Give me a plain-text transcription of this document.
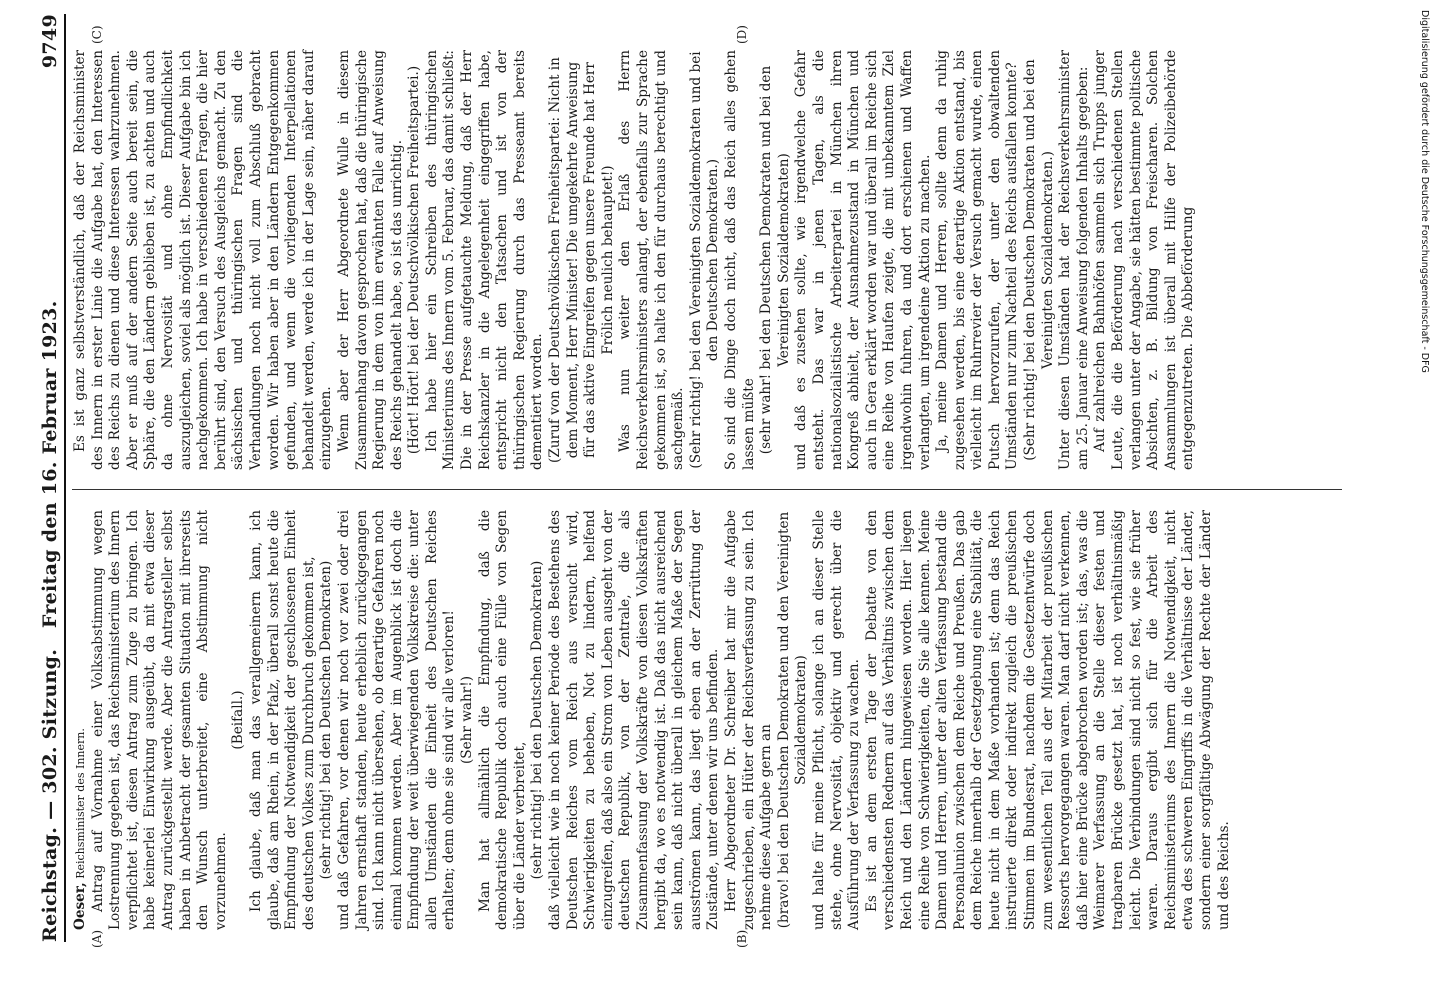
Reichstag. — 302. Sitzung.   Freitag den 16. Februar 1923.
9749
(A)	(B)
(C)	(D)

Oeser, Reichsminister des Innern. Antrag auf Vornahme einer Volksabstimmung wegen Lostrennung gegeben ist, das Reichsministerium des Innern verpflichtet ist, diesen Antrag zum Zuge zu bringen. Ich habe keinerlei Einwirkung ausgeübt, da mit etwa dieser Antrag zurückgestellt werde. Aber die Antragsteller selbst haben in Anbetracht der gesamten Situation mit ihrerseits den Wunsch unterbreitet, eine Abstimmung nicht vorzunehmen.

(Beifall.) Ich glaube, daß man das verallgemeinern kann, ich glaube, daß am Rhein, in der Pfalz, überall sonst heute die Empfindung der Notwendigkeit der geschlossenen Einheit des deutschen Volkes zum Durchbruch gekommen ist, (sehr richtig! bei den Deutschen Demokraten) und daß Gefahren, vor denen wir noch vor zwei oder drei Jahren ernsthaft standen, heute erheblich zurückgegangen sind. Ich kann nicht übersehen, ob derartige Gefahren noch einmal kommen werden. Aber im Augenblick ist doch die Empfindung der weit überwiegenden Volkskreise die: unter allen Umständen die Einheit des Deutschen Reiches erhalten; denn ohne sie sind wir alle verloren! (Sehr wahr!) Man hat allmählich die Empfindung, daß die demokratische Republik doch auch eine Fülle von Segen über die Länder verbreitet, (sehr richtig! bei den Deutschen Demokraten) daß vielleicht wie in noch keiner Periode des Bestehens des Deutschen Reiches vom Reich aus versucht wird, Schwierigkeiten zu beheben, Not zu lindern, helfend einzugreifen, daß also ein Strom von Leben ausgeht von der deutschen Republik, von der Zentrale, die als Zusammenfassung der Volkskräfte von diesen Volkskräften hergibt da, wo es notwendig ist. Daß das nicht ausreichend sein kann, daß nicht überall in gleichem Maße der Segen ausströmen kann, das liegt eben an der Zerrüttung der Zustände, unter denen wir uns befinden. Herr Abgeordneter Dr. Schreiber hat mir die Aufgabe zugeschrieben, ein Hüter der Reichsverfassung zu sein. Ich nehme diese Aufgabe gern an (bravo! bei den Deutschen Demokraten und den Vereinigten Sozialdemokraten) und halte für meine Pflicht, solange ich an dieser Stelle stehe, ohne Nervosität, objektiv und gerecht über die Ausführung der Verfassung zu wachen. Es ist an dem ersten Tage der Debatte von den verschiedensten Rednern auf das Verhältnis zwischen dem Reich und den Ländern hingewiesen worden. Hier liegen eine Reihe von Schwierigkeiten, die Sie alle kennen. Meine Damen und Herren, unter der alten Verfassung bestand die Personalunion zwischen dem Reiche und Preußen. Das gab dem Reiche innerhalb der Gesetzgebung eine Stabilität, die heute nicht in dem Maße vorhanden ist; denn das Reich instruierte direkt oder indirekt zugleich die preußischen Stimmen im Bundesrat, nachdem die Gesetzentwürfe doch zum wesentlichen Teil aus der Mitarbeit der preußischen Ressorts hervorgegangen waren. Man darf nicht verkennen, daß hier eine Brücke abgebrochen worden ist; das, was die Weimarer Verfassung an die Stelle dieser festen und tragbaren Brücke gesetzt hat, ist noch verhältnismäßig leicht. Die Verbindungen sind nicht so fest, wie sie früher waren. Daraus ergibt sich für die Arbeit des Reichsministeriums des Innern die Notwendigkeit, nicht etwa des schweren Eingriffs in die Verhältnisse der Länder, sondern einer sorgfältige Abwägung der Rechte der Länder und des Reichs.

Es ist ganz selbstverständlich, daß der Reichsminister des Innern in erster Linie die Aufgabe hat, den Interessen des Reichs zu dienen und diese Interessen wahrzunehmen. Aber er muß auf der andern Seite auch bereit sein, die Sphäre, die den Ländern geblieben ist, zu achten und auch da ohne Nervosität und ohne Empfindlichkeit auszugleichen, soviel als möglich ist. Dieser Aufgabe bin ich nachgekommen. Ich habe in verschiedenen Fragen, die hier berührt sind, den Versuch des Ausgleichs gemacht. Zu den sächsischen und thüringischen Fragen sind die Verhandlungen noch nicht voll zum Abschluß gebracht worden. Wir haben aber in den Ländern Entgegenkommen gefunden, und wenn die vorliegenden Interpellationen behandelt werden, werde ich in der Lage sein, näher darauf einzugehen. Wenn aber der Herr Abgeordnete Wulle in diesem Zusammenhang davon gesprochen hat, daß die thüringische Regierung in dem von ihm erwähnten Falle auf Anweisung des Reichs gehandelt habe, so ist das unrichtig. (Hört! Hört! bei der Deutschvölkischen Freiheitspartei.) Ich habe hier ein Schreiben des thüringischen Ministeriums des Innern vom 5. Februar, das damit schließt: Die in der Presse aufgetauchte Meldung, daß der Herr Reichskanzler in die Angelegenheit eingegriffen habe, entspricht nicht den Tatsachen und ist von der thüringischen Regierung durch das Presseamt bereits dementiert worden. (Zuruf von der Deutschvölkischen Freiheitspartei: Nicht in dem Moment, Herr Minister! Die umgekehrte Anweisung für das aktive Eingreifen gegen unsere Freunde hat Herr Frölich neulich behauptet!) Was nun weiter den Erlaß des Herrn Reichsverkehrsministers anlangt, der ebenfalls zur Sprache gekommen ist, so halte ich den für durchaus berechtigt und sachgemäß. (Sehr richtig! bei den Vereinigten Sozialdemokraten und bei den Deutschen Demokraten.) So sind die Dinge doch nicht, daß das Reich alles gehen lassen müßte (sehr wahr! bei den Deutschen Demokraten und bei den Vereinigten Sozialdemokraten) und daß es zusehen sollte, wie irgendwelche Gefahr entsteht. Das war in jenen Tagen, als die nationalsozialistische Arbeiterpartei in München ihren Kongreß abhielt, der Ausnahmezustand in München und auch in Gera erklärt worden war und überall im Reiche sich eine Reihe von Haufen zeigte, die mit unbekanntem Ziel irgendwohin fuhren, da und dort erschienen und Waffen verlangten, um irgendeine Aktion zu machen. Ja, meine Damen und Herren, sollte denn da ruhig zugesehen werden, bis eine derartige Aktion entstand, bis vielleicht im Ruhrrevier der Versuch gemacht wurde, einen Putsch hervorzurufen, der unter den obwaltenden Umständen nur zum Nachteil des Reichs ausfallen konnte? (Sehr richtig! bei den Deutschen Demokraten und bei den Vereinigten Sozialdemokraten.) Unter diesen Umständen hat der Reichsverkehrsminister am 25. Januar eine Anweisung folgenden Inhalts gegeben: Auf zahlreichen Bahnhöfen sammeln sich Trupps junger Leute, die die Beförderung nach verschiedenen Stellen verlangen unter der Angabe, sie hätten bestimmte politische Absichten, z. B. Bildung von Freischaren. Solchen Ansammlungen ist überall mit Hilfe der Polizeibehörde entgegenzutreten. Die Abbeförderung	Digitalisierung gefördert durch die Deutsche Forschungsgemeinschaft - DFG
